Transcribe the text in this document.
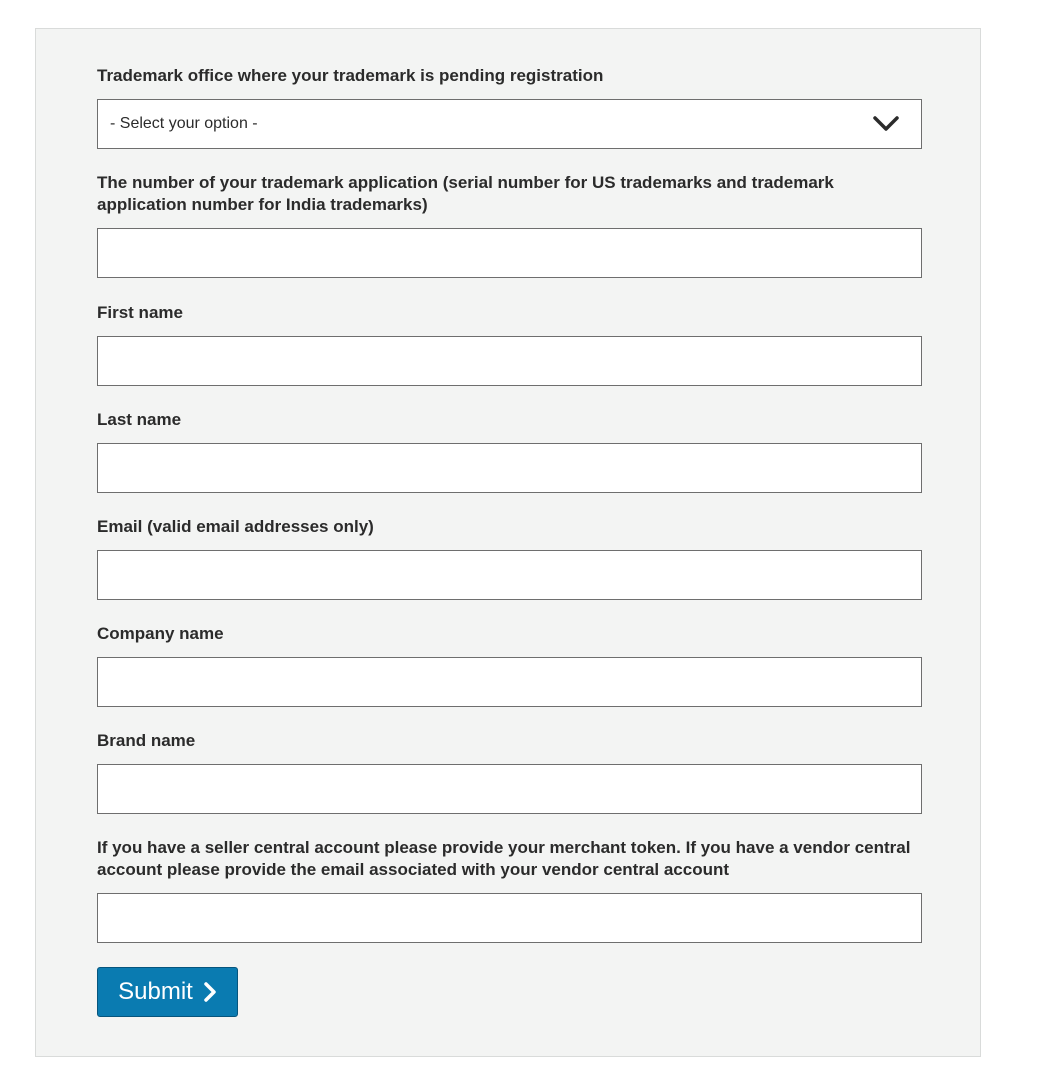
Trademark office where your trademark is pending registration
- Select your option -
The number of your trademark application (serial number for US trademarks and trademark application number for India trademarks)
First name
Last name
Email (valid email addresses only)
Company name
Brand name
If you have a seller central account please provide your merchant token. If you have a vendor central account please provide the email associated with your vendor central account
Submit
